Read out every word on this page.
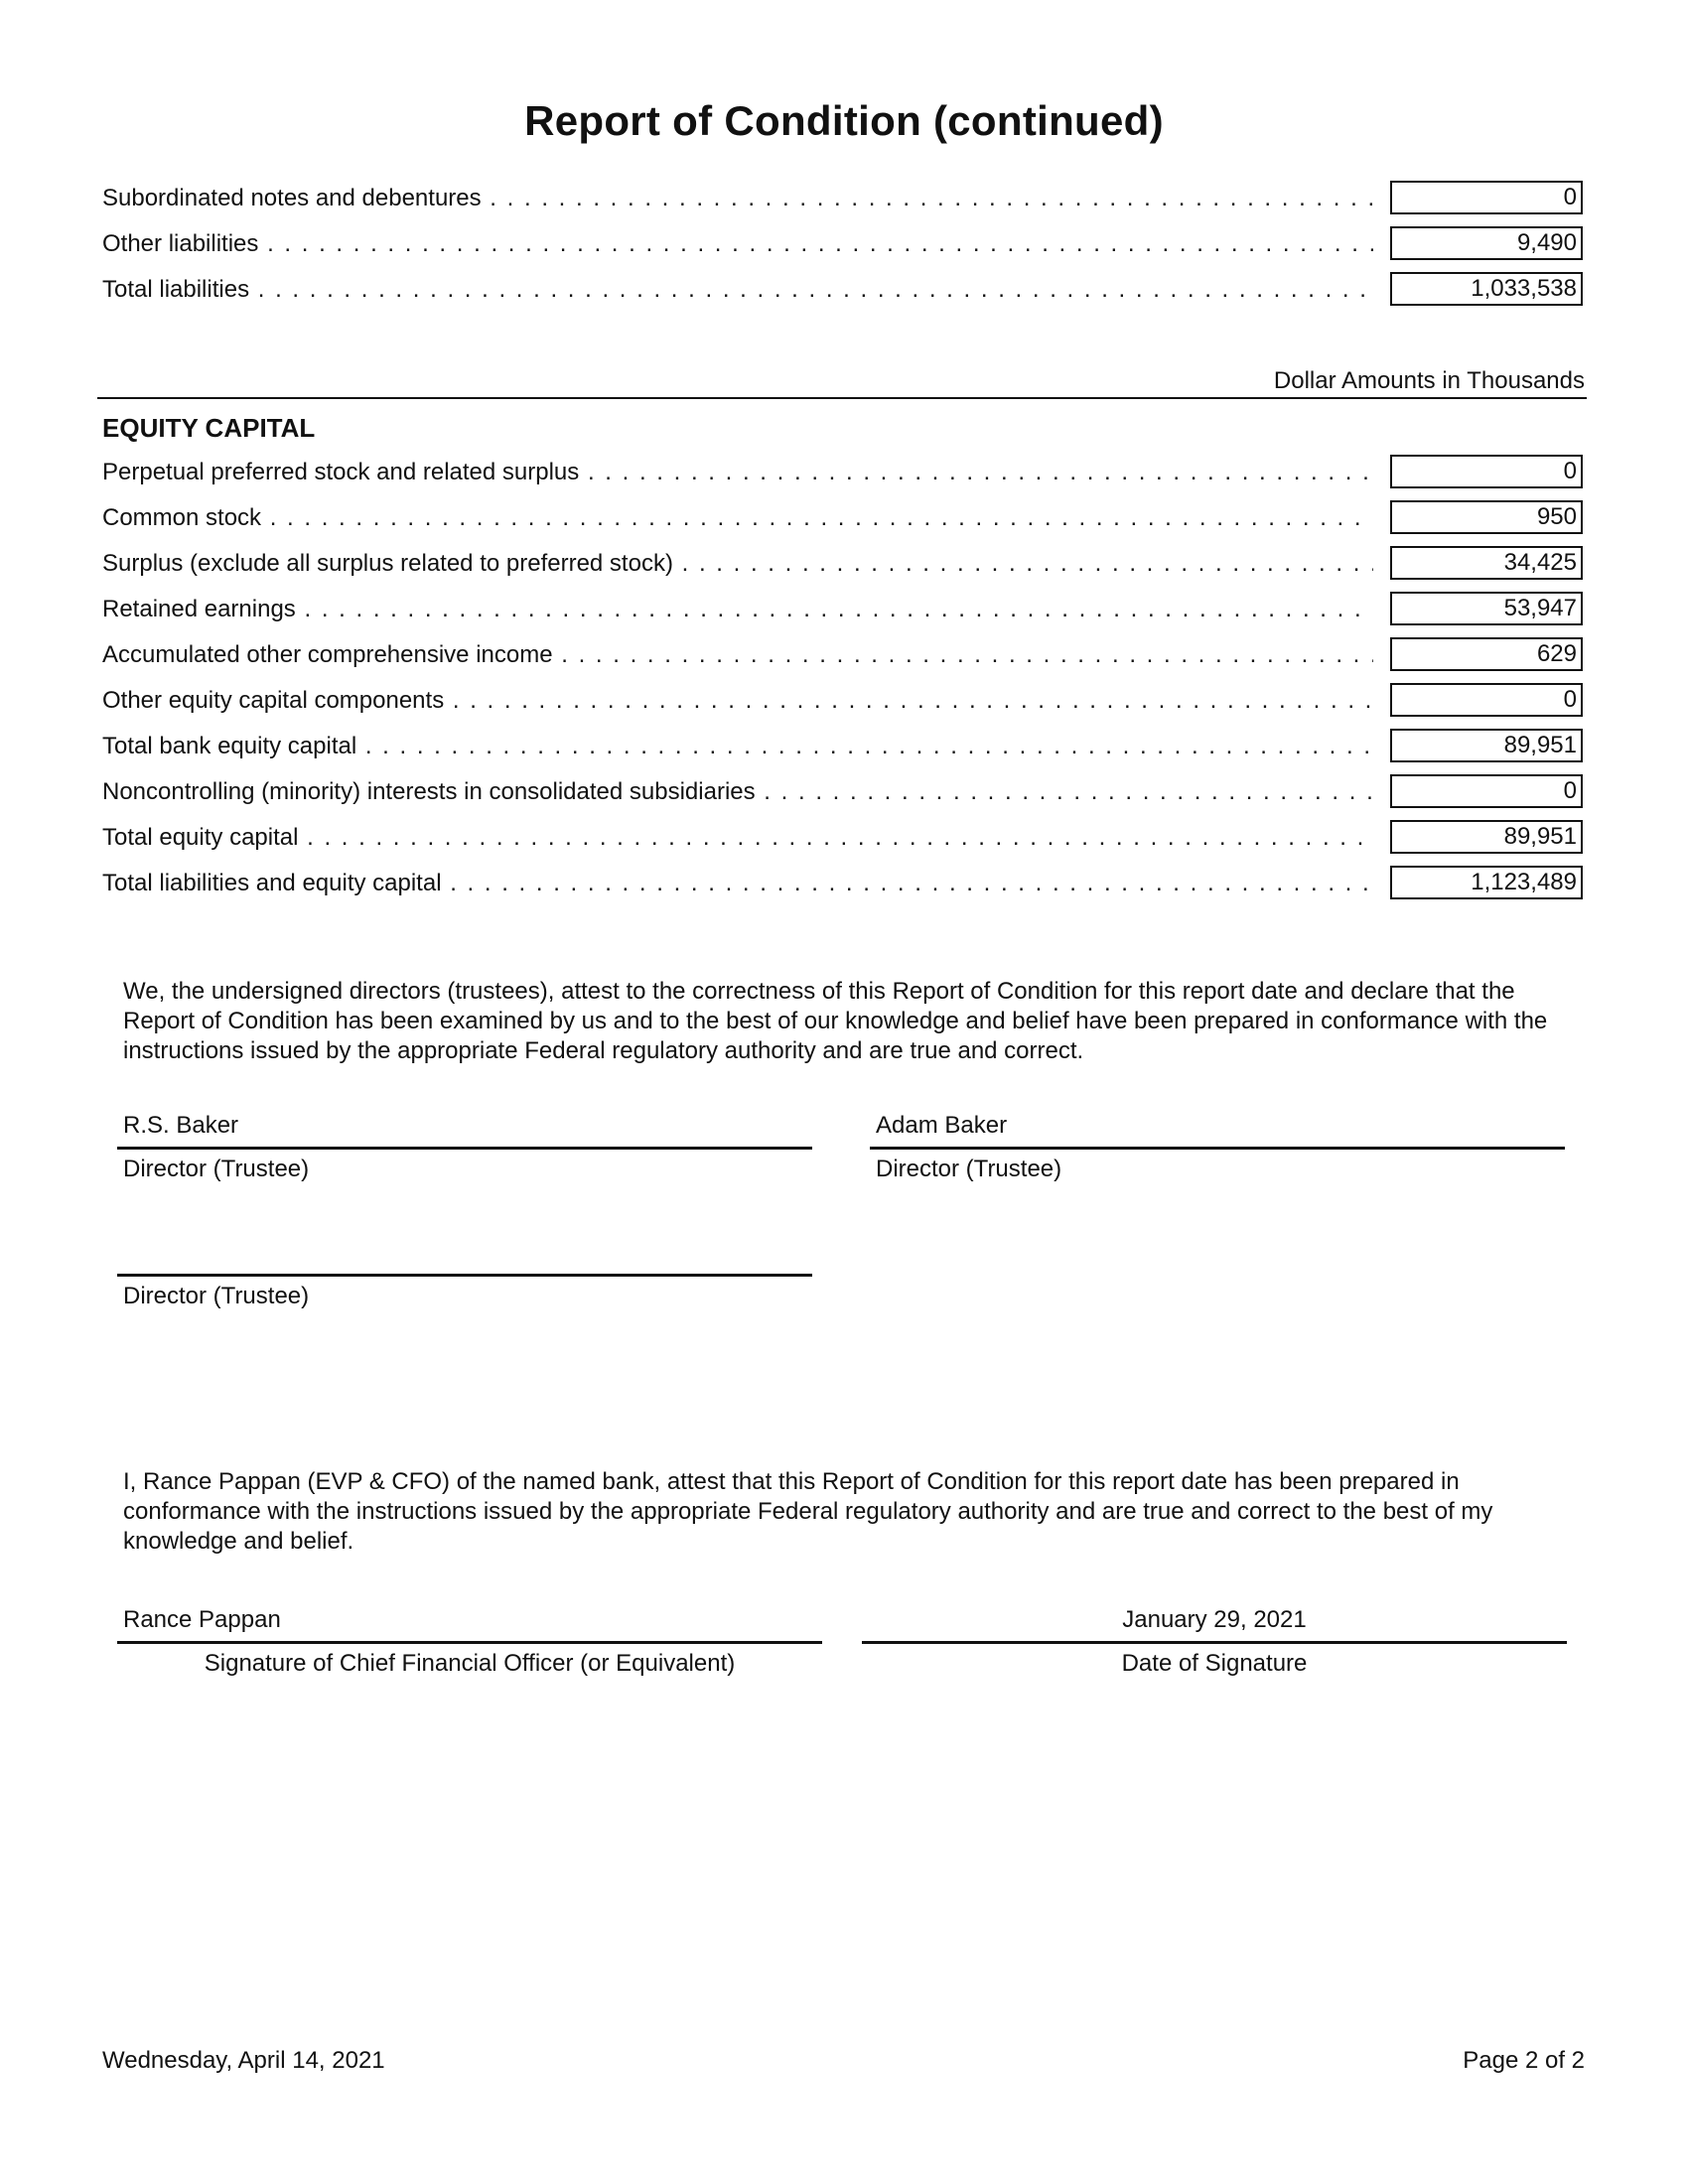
Report of Condition (continued)
Subordinated notes and debentures . . .	0
Other liabilities . . .	9,490
Total liabilities . . .	1,033,538
Dollar Amounts in Thousands
EQUITY CAPITAL
Perpetual preferred stock and related surplus . . .	0
Common stock . . .	950
Surplus (exclude all surplus related to preferred stock) . . .	34,425
Retained earnings . . .	53,947
Accumulated other comprehensive income . . .	629
Other equity capital components . . .	0
Total bank equity capital . . .	89,951
Noncontrolling (minority) interests in consolidated subsidiaries . . .	0
Total equity capital . . .	89,951
Total liabilities and equity capital . . .	1,123,489
We, the undersigned directors (trustees), attest to the correctness of this Report of Condition for this report date and declare that the Report of Condition has been examined by us and to the best of our knowledge and belief have been prepared in conformance with the instructions issued by the appropriate Federal regulatory authority and are true and correct.
R.S. Baker
Director (Trustee)
Adam Baker
Director (Trustee)
Director (Trustee)
I, Rance Pappan (EVP & CFO) of the named bank, attest that this Report of Condition for this report date has been prepared in conformance with the instructions issued by the appropriate Federal regulatory authority and are true and correct to the best of my knowledge and belief.
Rance Pappan
Signature of Chief Financial Officer (or Equivalent)
January 29, 2021
Date of Signature
Wednesday, April 14, 2021	Page 2 of 2
